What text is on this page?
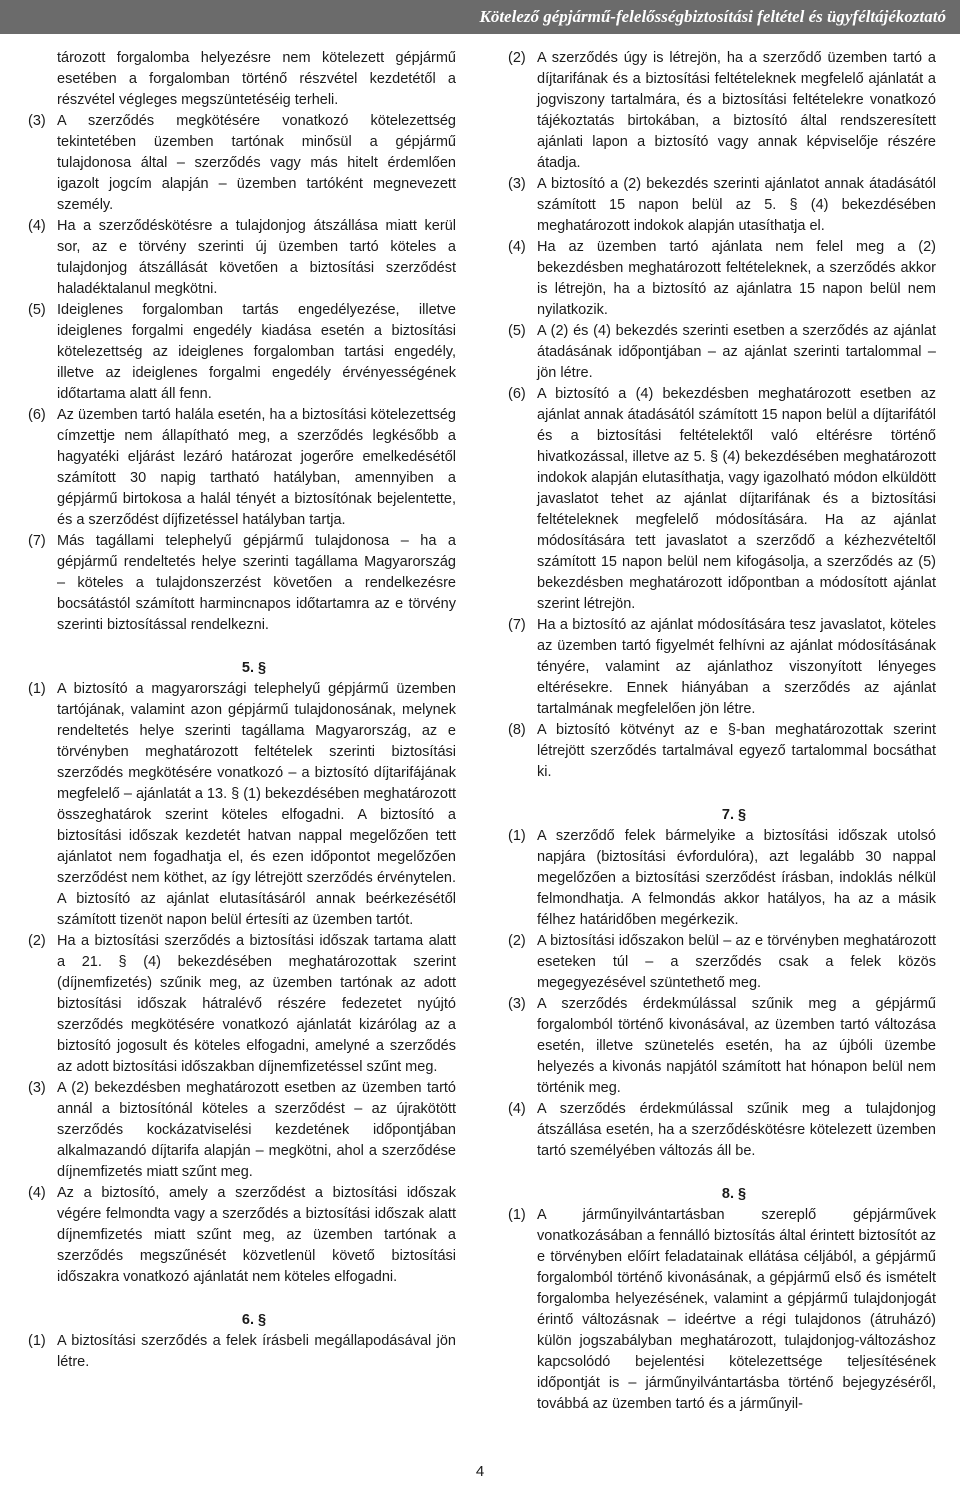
Kötelező gépjármű-felelősségbiztosítási feltétel és ügyféltájékoztató

tározott forgalomba helyezésre nem kötelezett gépjármű esetében a forgalomban történő részvétel kezdetétől a részvétel végleges megszüntetéséig terheli.

(3) A szerződés megkötésére vonatkozó kötelezettség tekintetében üzemben tartónak minősül a gépjármű tulajdonosa által – szerződés vagy más hitelt érdemlően igazolt jogcím alapján – üzemben tartóként megnevezett személy.
(4) Ha a szerződéskötésre a tulajdonjog átszállása miatt kerül sor, az e törvény szerinti új üzemben tartó köteles a tulajdonjog átszállását követően a biztosítási szerződést haladéktalanul megkötni.
(5) Ideiglenes forgalomban tartás engedélyezése, illetve ideiglenes forgalmi engedély kiadása esetén a biztosítási kötelezettség az ideiglenes forgalomban tartási engedély, illetve az ideiglenes forgalmi engedély érvényességének időtartama alatt áll fenn.
(6) Az üzemben tartó halála esetén, ha a biztosítási kötelezettség címzettje nem állapítható meg, a szerződés legkésőbb a hagyatéki eljárást lezáró határozat jogerőre emelkedésétől számított 30 napig tartható hatályban, amennyiben a gépjármű birtokosa a halál tényét a biztosítónak bejelentette, és a szerződést díjfizetéssel hatályban tartja.
(7) Más tagállami telephelyű gépjármű tulajdonosa – ha a gépjármű rendeltetés helye szerinti tagállama Magyarország – köteles a tulajdonszerzést követően a rendelkezésre bocsátástól számított harmincnapos időtartamra az e törvény szerinti biztosítással rendelkezni.
5. §
(1) A biztosító a magyarországi telephelyű gépjármű üzemben tartójának, valamint azon gépjármű tulajdonosának, melynek rendeltetés helye szerinti tagállama Magyarország, az e törvényben meghatározott feltételek szerinti biztosítási szerződés megkötésére vonatkozó – a biztosító díjtarifájának megfelelő – ajánlatát a 13. § (1) bekezdésében meghatározott összeghatárok szerint köteles elfogadni. A biztosító a biztosítási időszak kezdetét hatvan nappal megelőzően tett ajánlatot nem fogadhatja el, és ezen időpontot megelőzően szerződést nem köthet, az így létrejött szerződés érvénytelen. A biztosító az ajánlat elutasításáról annak beérkezésétől számított tizenöt napon belül értesíti az üzemben tartót.
(2) Ha a biztosítási szerződés a biztosítási időszak tartama alatt a 21. § (4) bekezdésében meghatározottak szerint (díjnemfizetés) szűnik meg, az üzemben tartónak az adott biztosítási időszak hátralévő részére fedezetet nyújtó szerződés megkötésére vonatkozó ajánlatát kizárólag az a biztosító jogosult és köteles elfogadni, amelyné a szerződés az adott biztosítási időszakban díjnemfizetéssel szűnt meg.
(3) A (2) bekezdésben meghatározott esetben az üzemben tartó annál a biztosítónál köteles a szerződést – az újrakötött szerződés kockázatviselési kezdetének időpontjában alkalmazandó díjtarifa alapján – megkötni, ahol a szerződése díjnemfizetés miatt szűnt meg.
(4) Az a biztosító, amely a szerződést a biztosítási időszak végére felmondta vagy a szerződés a biztosítási időszak alatt díjnemfizetés miatt szűnt meg, az üzemben tartónak a szerződés megszűnését közvetlenül követő biztosítási időszakra vonatkozó ajánlatát nem köteles elfogadni.
6. §
(1) A biztosítási szerződés a felek írásbeli megállapodásával jön létre.
(2) A szerződés úgy is létrejön, ha a szerződő üzemben tartó a díjtarifának és a biztosítási feltételeknek megfelelő ajánlatát a jogviszony tartalmára, és a biztosítási feltételekre vonatkozó tájékoztatás birtokában, a biztosító által rendszeresített ajánlati lapon a biztosító vagy annak képviselője részére átadja.
(3) A biztosító a (2) bekezdés szerinti ajánlatot annak átadásától számított 15 napon belül az 5. § (4) bekezdésében meghatározott indokok alapján utasíthatja el.
(4) Ha az üzemben tartó ajánlata nem felel meg a (2) bekezdésben meghatározott feltételeknek, a szerződés akkor is létrejön, ha a biztosító az ajánlatra 15 napon belül nem nyilatkozik.
(5) A (2) és (4) bekezdés szerinti esetben a szerződés az ajánlat átadásának időpontjában – az ajánlat szerinti tartalommal – jön létre.
(6) A biztosító a (4) bekezdésben meghatározott esetben az ajánlat annak átadásától számított 15 napon belül a díjtarifától és a biztosítási feltételektől való eltérésre történő hivatkozással, illetve az 5. § (4) bekezdésében meghatározott indokok alapján elutasíthatja, vagy igazolható módon elküldött javaslatot tehet az ajánlat díjtarifának és a biztosítási feltételeknek megfelelő módosítására. Ha az ajánlat módosítására tett javaslatot a szerződő a kézhezvételtől számított 15 napon belül nem kifogásolja, a szerződés az (5) bekezdésben meghatározott időpontban a módosított ajánlat szerint létrejön.
(7) Ha a biztosító az ajánlat módosítására tesz javaslatot, köteles az üzemben tartó figyelmét felhívni az ajánlat módosításának tényére, valamint az ajánlathoz viszonyított lényeges eltérésekre. Ennek hiányában a szerződés az ajánlat tartalmának megfelelően jön létre.
(8) A biztosító kötvényt az e §-ban meghatározottak szerint létrejött szerződés tartalmával egyező tartalommal bocsáthat ki.
7. §
(1) A szerződő felek bármelyike a biztosítási időszak utolsó napjára (biztosítási évfordulóra), azt legalább 30 nappal megelőzően a biztosítási szerződést írásban, indoklás nélkül felmondhatja. A felmondás akkor hatályos, ha az a másik félhez határidőben megérkezik.
(2) A biztosítási időszakon belül – az e törvényben meghatározott eseteken túl – a szerződés csak a felek közös megegyezésével szüntethető meg.
(3) A szerződés érdekmúlással szűnik meg a gépjármű forgalomból történő kivonásával, az üzemben tartó változása esetén, illetve szünetelés esetén, ha az újbóli üzembe helyezés a kivonás napjától számított hat hónapon belül nem történik meg.
(4) A szerződés érdekmúlással szűnik meg a tulajdonjog átszállása esetén, ha a szerződéskötésre kötelezett üzemben tartó személyében változás áll be.
8. §
(1) A járműnyilvántartásban szereplő gépjárművek vonatkozásában a fennálló biztosítás által érintett biztosítót az e törvényben előírt feladatainak ellátása céljából, a gépjármű forgalomból történő kivonásának, a gépjármű első és ismételt forgalomba helyezésének, valamint a gépjármű tulajdonjogát érintő változásnak – ideértve a régi tulajdonos (átruházó) külön jogszabályban meghatározott, tulajdonjog-változáshoz kapcsolódó bejelentési kötelezettsége teljesítésének időpontját is – járműnyilvántartásba történő bejegyzéséről, továbbá az üzemben tartó és a járműnyil-
4
